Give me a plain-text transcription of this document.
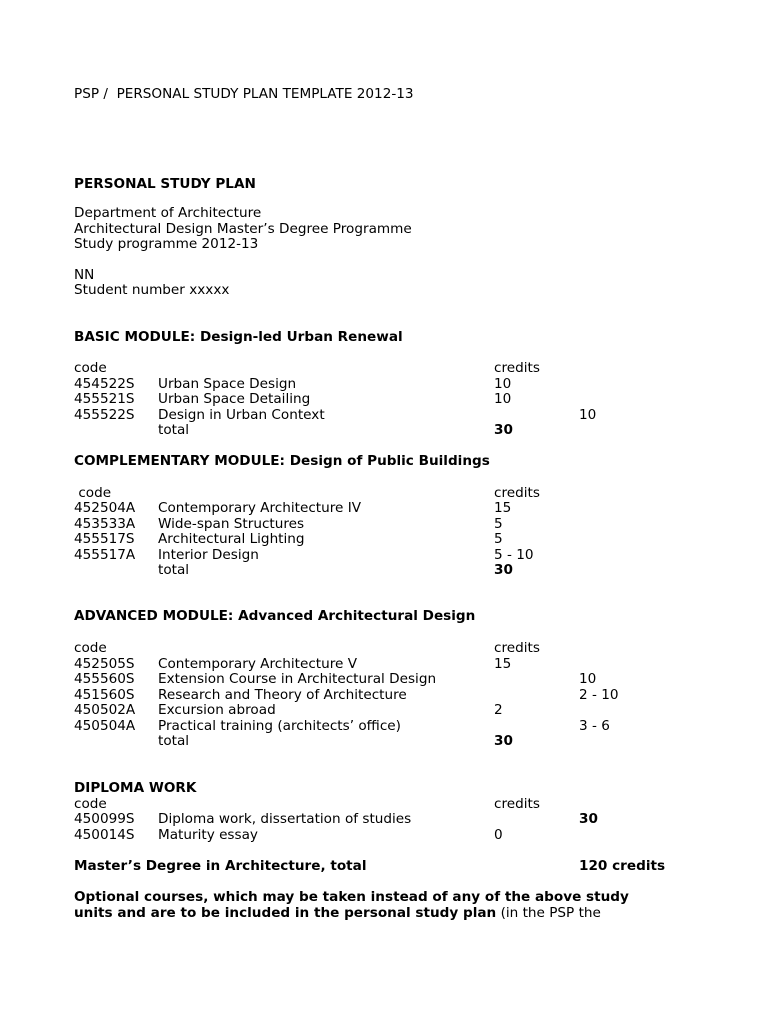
PSP /  PERSONAL STUDY PLAN TEMPLATE 2012-13
PERSONAL STUDY PLAN
Department of Architecture
Architectural Design Master’s Degree Programme
Study programme 2012-13
NN
Student number xxxxx
BASIC MODULE: Design-led Urban Renewal
code	credits
454522S Urban Space Design	10
455521S Urban Space Detailing	10
455522S Design in Urban Context	10
total	30
COMPLEMENTARY MODULE: Design of Public Buildings
code	credits
452504A Contemporary Architecture IV	15
453533A Wide-span Structures	5
455517S Architectural Lighting	5
455517A Interior Design	5 - 10
total	30
ADVANCED MODULE: Advanced Architectural Design
code	credits
452505S Contemporary Architecture V	15
455560S Extension Course in Architectural Design	10
451560S Research and Theory of Architecture	2 - 10
450502A Excursion abroad	2
450504A Practical training (architects’ office)	3 - 6
total	30
DIPLOMA WORK
code	credits
450099S Diploma work, dissertation of studies	30
450014S Maturity essay	0
Master’s Degree in Architecture, total	120 credits
Optional courses, which may be taken instead of any of the above study
units and are to be included in the personal study plan (in the PSP the
